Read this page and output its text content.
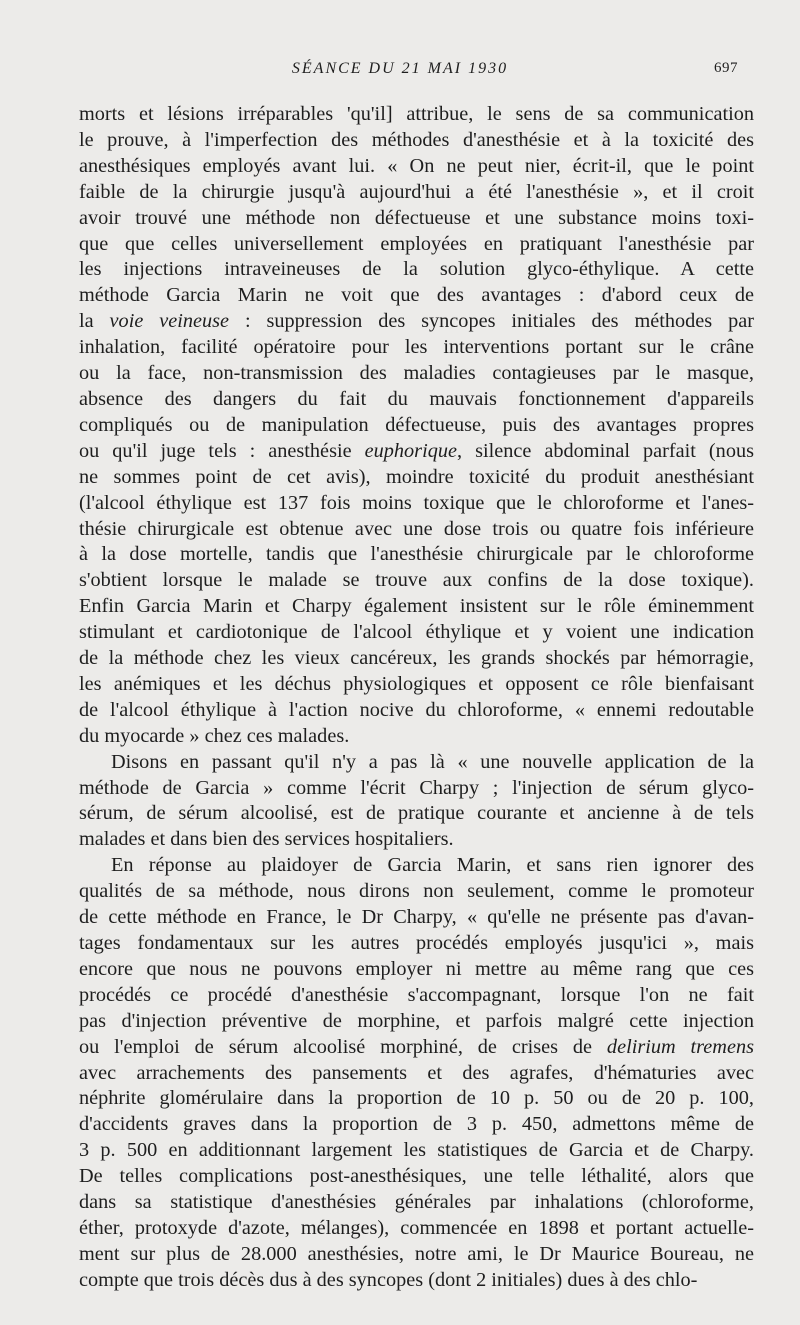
SÉANCE DU 21 MAI 1930	697

morts et lésions irréparables 'qu'il] attribue, le sens de sa communication
le prouve, à l'imperfection des méthodes d'anesthésie et à la toxicité des
anesthésiques employés avant lui. « On ne peut nier, écrit-il, que le point
faible de la chirurgie jusqu'à aujourd'hui a été l'anesthésie », et il croit
avoir trouvé une méthode non défectueuse et une substance moins toxi-
que que celles universellement employées en pratiquant l'anesthésie par
les injections intraveineuses de la solution glyco-éthylique. A cette
méthode Garcia Marin ne voit que des avantages : d'abord ceux de
la voie veineuse : suppression des syncopes initiales des méthodes par
inhalation, facilité opératoire pour les interventions portant sur le crâne
ou la face, non-transmission des maladies contagieuses par le masque,
absence des dangers du fait du mauvais fonctionnement d'appareils
compliqués ou de manipulation défectueuse, puis des avantages propres
ou qu'il juge tels : anesthésie euphorique, silence abdominal parfait (nous
ne sommes point de cet avis), moindre toxicité du produit anesthésiant
(l'alcool éthylique est 137 fois moins toxique que le chloroforme et l'anes-
thésie chirurgicale est obtenue avec une dose trois ou quatre fois inférieure
à la dose mortelle, tandis que l'anesthésie chirurgicale par le chloroforme
s'obtient lorsque le malade se trouve aux confins de la dose toxique).
Enfin Garcia Marin et Charpy également insistent sur le rôle éminemment
stimulant et cardiotonique de l'alcool éthylique et y voient une indication
de la méthode chez les vieux cancéreux, les grands shockés par hémorragie,
les anémiques et les déchus physiologiques et opposent ce rôle bienfaisant
de l'alcool éthylique à l'action nocive du chloroforme, « ennemi redoutable
du myocarde » chez ces malades.

Disons en passant qu'il n'y a pas là « une nouvelle application de la
méthode de Garcia » comme l'écrit Charpy ; l'injection de sérum glyco-
sérum, de sérum alcoolisé, est de pratique courante et ancienne à de tels
malades et dans bien des services hospitaliers.

En réponse au plaidoyer de Garcia Marin, et sans rien ignorer des
qualités de sa méthode, nous dirons non seulement, comme le promoteur
de cette méthode en France, le Dr Charpy, « qu'elle ne présente pas d'avan-
tages fondamentaux sur les autres procédés employés jusqu'ici », mais
encore que nous ne pouvons employer ni mettre au même rang que ces
procédés ce procédé d'anesthésie s'accompagnant, lorsque l'on ne fait
pas d'injection préventive de morphine, et parfois malgré cette injection
ou l'emploi de sérum alcoolisé morphiné, de crises de delirium tremens
avec arrachements des pansements et des agrafes, d'hématuries avec
néphrite glomérulaire dans la proportion de 10 p. 50 ou de 20 p. 100,
d'accidents graves dans la proportion de 3 p. 450, admettons même de
3 p. 500 en additionnant largement les statistiques de Garcia et de Charpy.
De telles complications post-anesthésiques, une telle léthalité, alors que
dans sa statistique d'anesthésies générales par inhalations (chloroforme,
éther, protoxyde d'azote, mélanges), commencée en 1898 et portant actuelle-
ment sur plus de 28.000 anesthésies, notre ami, le Dr Maurice Boureau, ne
compte que trois décès dus à des syncopes (dont 2 initiales) dues à des chlo-
